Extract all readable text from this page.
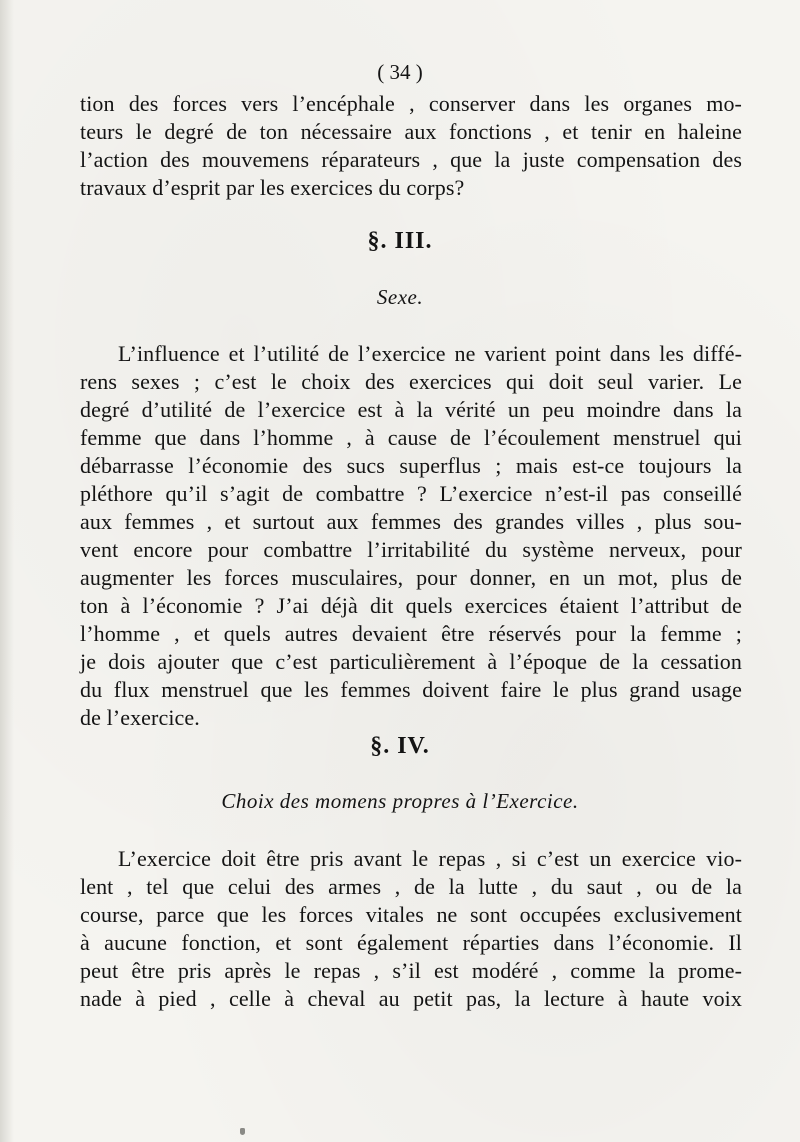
( 34 )
tion des forces vers l’encéphale , conserver dans les organes mo-
teurs le degré de ton nécessaire aux fonctions , et tenir en haleine
l’action des mouvemens réparateurs , que la juste compensation des
travaux d’esprit par les exercices du corps?
§. III.
Sexe.
L’influence et l’utilité de l’exercice ne varient point dans les diffé-
rens sexes ; c’est le choix des exercices qui doit seul varier. Le
degré d’utilité de l’exercice est à la vérité un peu moindre dans la
femme que dans l’homme , à cause de l’écoulement menstruel qui
débarrasse l’économie des sucs superflus ; mais est-ce toujours la
pléthore qu’il s’agit de combattre ? L’exercice n’est-il pas conseillé
aux femmes , et surtout aux femmes des grandes villes , plus sou-
vent encore pour combattre l’irritabilité du système nerveux, pour
augmenter les forces musculaires, pour donner, en un mot, plus de
ton à l’économie ? J’ai déjà dit quels exercices étaient l’attribut de
l’homme , et quels autres devaient être réservés pour la femme ;
je dois ajouter que c’est particulièrement à l’époque de la cessation
du flux menstruel que les femmes doivent faire le plus grand usage
de l’exercice.
§. IV.
Choix des momens propres à l’Exercice.
L’exercice doit être pris avant le repas , si c’est un exercice vio-
lent , tel que celui des armes , de la lutte , du saut , ou de la
course, parce que les forces vitales ne sont occupées exclusivement
à aucune fonction, et sont également réparties dans l’économie. Il
peut être pris après le repas , s’il est modéré , comme la prome-
nade à pied , celle à cheval au petit pas, la lecture à haute voix
